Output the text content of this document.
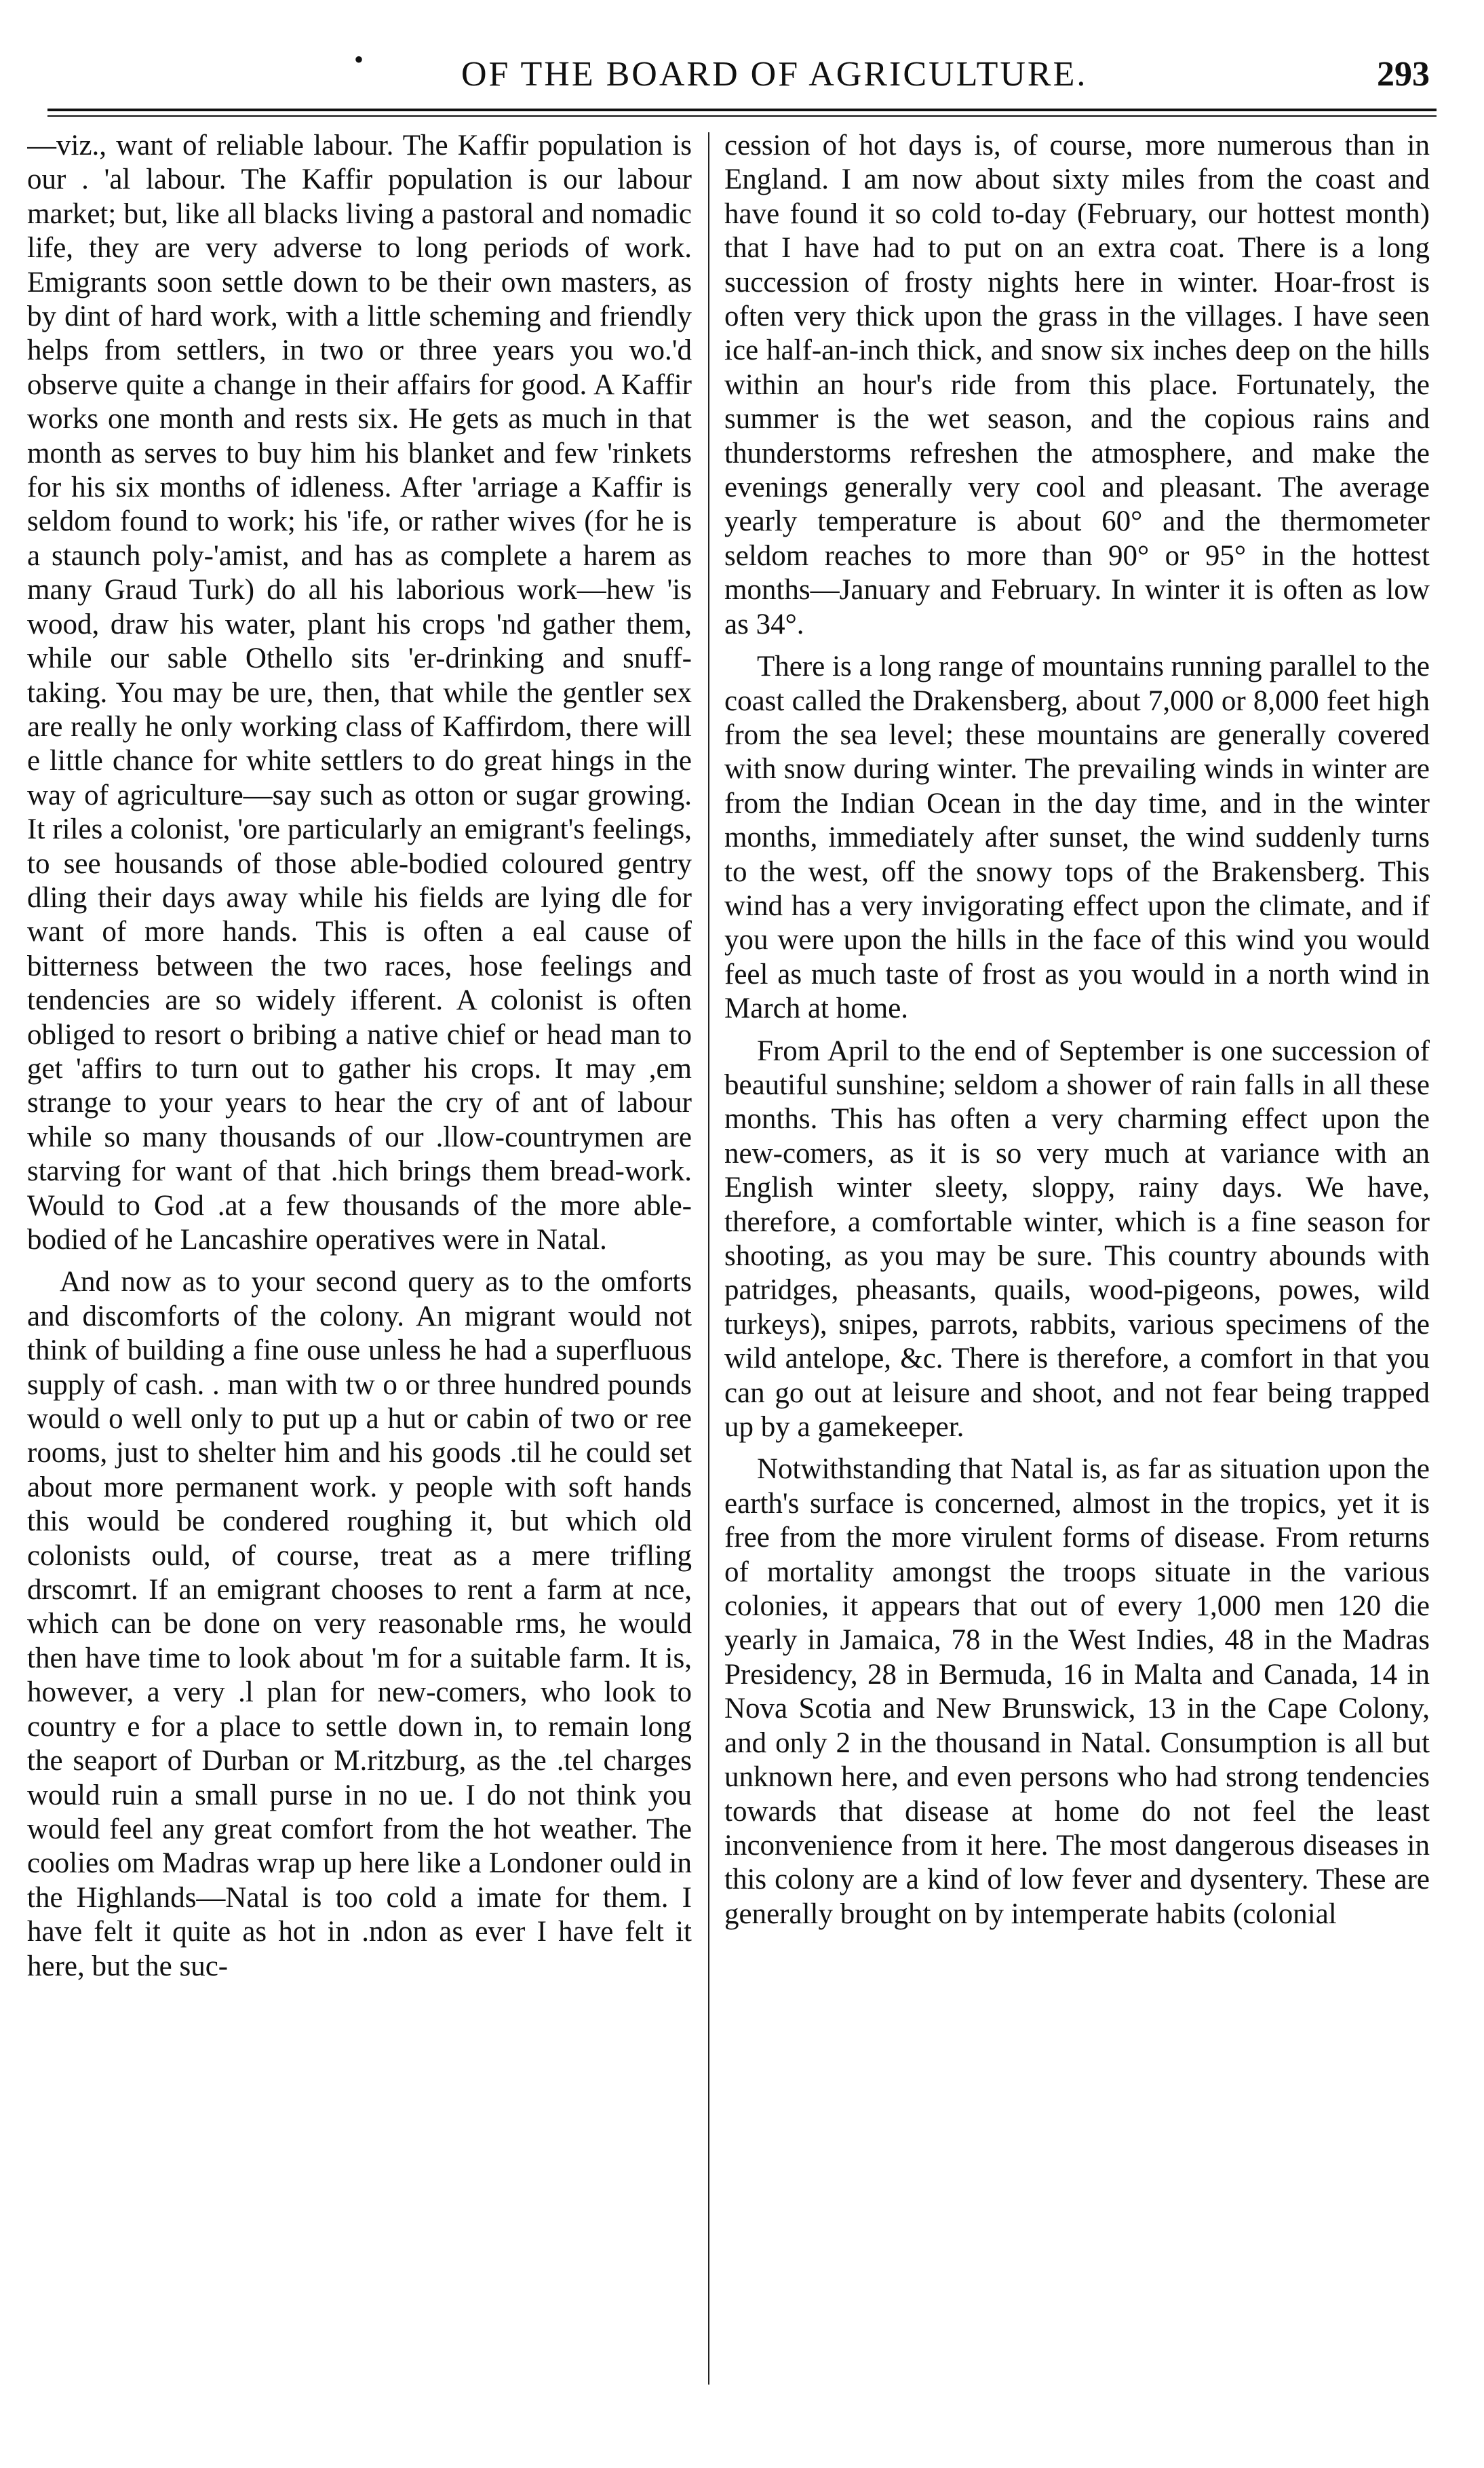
•	OF THE BOARD OF AGRICULTURE.	293

—viz., want of reliable labour. The Kaffir population is our . 'al labour. The Kaffir population is our labour market; but, like all blacks living a pastoral and nomadic life, they are very adverse to long periods of work. Emigrants soon settle down to be their own masters, as by dint of hard work, with a little scheming and friendly helps from settlers, in two or three years you wo.'d observe quite a change in their affairs for good. A Kaffir works one month and rests six. He gets as much in that month as serves to buy him his blanket and few 'rinkets for his six months of idleness. After 'arriage a Kaffir is seldom found to work; his 'ife, or rather wives (for he is a staunch poly-'amist, and has as complete a harem as many Graud Turk) do all his laborious work—hew 'is wood, draw his water, plant his crops 'nd gather them, while our sable Othello sits 'er-drinking and snuff-taking. You may be ure, then, that while the gentler sex are really he only working class of Kaffirdom, there will e little chance for white settlers to do great hings in the way of agriculture—say such as otton or sugar growing. It riles a colonist, 'ore particularly an emigrant's feelings, to see housands of those able-bodied coloured gentry dling their days away while his fields are lying dle for want of more hands. This is often a eal cause of bitterness between the two races, hose feelings and tendencies are so widely ifferent. A colonist is often obliged to resort o bribing a native chief or head man to get 'affirs to turn out to gather his crops. It may ,em strange to your years to hear the cry of ant of labour while so many thousands of our .llow-countrymen are starving for want of that .hich brings them bread-work. Would to God .at a few thousands of the more able-bodied of he Lancashire operatives were in Natal.

And now as to your second query as to the omforts and discomforts of the colony. An migrant would not think of building a fine ouse unless he had a superfluous supply of cash. . man with tw o or three hundred pounds would o well only to put up a hut or cabin of two or ree rooms, just to shelter him and his goods .til he could set about more permanent work. y people with soft hands this would be condered roughing it, but which old colonists ould, of course, treat as a mere trifling drscomrt. If an emigrant chooses to rent a farm at nce, which can be done on very reasonable rms, he would then have time to look about 'm for a suitable farm. It is, however, a very .l plan for new-comers, who look to country e for a place to settle down in, to remain long the seaport of Durban or M.ritzburg, as the .tel charges would ruin a small purse in no ue. I do not think you would feel any great comfort from the hot weather. The coolies om Madras wrap up here like a Londoner ould in the Highlands—Natal is too cold a imate for them. I have felt it quite as hot in .ndon as ever I have felt it here, but the suc-

cession of hot days is, of course, more numerous than in England. I am now about sixty miles from the coast and have found it so cold to-day (February, our hottest month) that I have had to put on an extra coat. There is a long succession of frosty nights here in winter. Hoar-frost is often very thick upon the grass in the villages. I have seen ice half-an-inch thick, and snow six inches deep on the hills within an hour's ride from this place. Fortunately, the summer is the wet season, and the copious rains and thunderstorms refreshen the atmosphere, and make the evenings generally very cool and pleasant. The average yearly temperature is about 60° and the thermometer seldom reaches to more than 90° or 95° in the hottest months—January and February. In winter it is often as low as 34°.

There is a long range of mountains running parallel to the coast called the Drakensberg, about 7,000 or 8,000 feet high from the sea level; these mountains are generally covered with snow during winter. The prevailing winds in winter are from the Indian Ocean in the day time, and in the winter months, immediately after sunset, the wind suddenly turns to the west, off the snowy tops of the Brakensberg. This wind has a very invigorating effect upon the climate, and if you were upon the hills in the face of this wind you would feel as much taste of frost as you would in a north wind in March at home.

From April to the end of September is one succession of beautiful sunshine; seldom a shower of rain falls in all these months. This has often a very charming effect upon the new-comers, as it is so very much at variance with an English winter sleety, sloppy, rainy days. We have, therefore, a comfortable winter, which is a fine season for shooting, as you may be sure. This country abounds with patridges, pheasants, quails, wood-pigeons, powes, wild turkeys), snipes, parrots, rabbits, various specimens of the wild antelope, &c. There is therefore, a comfort in that you can go out at leisure and shoot, and not fear being trapped up by a gamekeeper.

Notwithstanding that Natal is, as far as situation upon the earth's surface is concerned, almost in the tropics, yet it is free from the more virulent forms of disease. From returns of mortality amongst the troops situate in the various colonies, it appears that out of every 1,000 men 120 die yearly in Jamaica, 78 in the West Indies, 48 in the Madras Presidency, 28 in Bermuda, 16 in Malta and Canada, 14 in Nova Scotia and New Brunswick, 13 in the Cape Colony, and only 2 in the thousand in Natal. Consumption is all but unknown here, and even persons who had strong tendencies towards that disease at home do not feel the least inconvenience from it here. The most dangerous diseases in this colony are a kind of low fever and dysentery. These are generally brought on by intemperate habits (colonial
